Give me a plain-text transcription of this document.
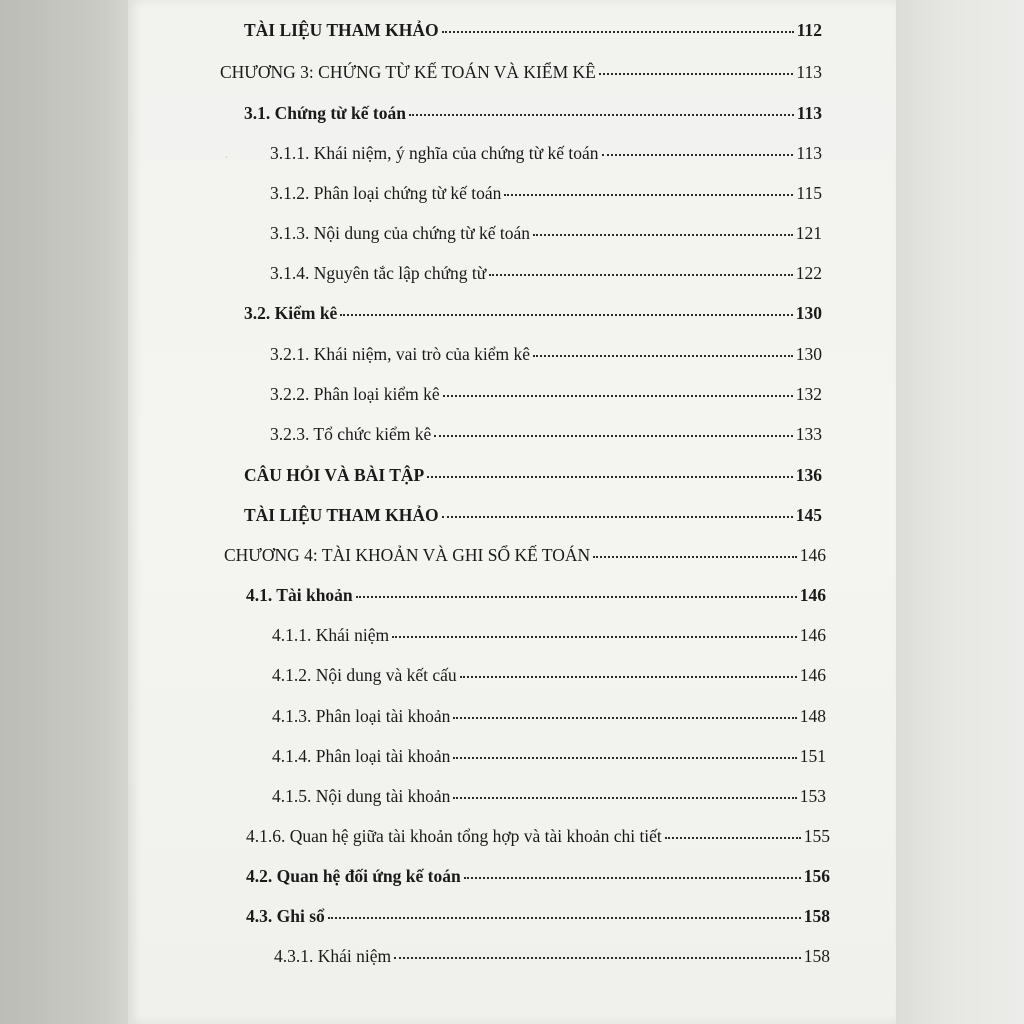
·
TÀI LIỆU THAM KHẢO	112
CHƯƠNG 3: CHỨNG TỪ KẾ TOÁN VÀ KIỂM KÊ	113
3.1. Chứng từ kế toán	113
3.1.1. Khái niệm, ý nghĩa của chứng từ kế toán	113
3.1.2. Phân loại chứng từ kế toán	115
3.1.3. Nội dung của chứng từ kế toán	121
3.1.4. Nguyên tắc lập chứng từ	122
3.2. Kiểm kê	130
3.2.1. Khái niệm, vai trò của kiểm kê	130
3.2.2. Phân loại kiểm kê	132
3.2.3. Tổ chức kiểm kê	133
CÂU HỎI VÀ BÀI TẬP	136
TÀI LIỆU THAM KHẢO	145
CHƯƠNG 4: TÀI KHOẢN VÀ GHI SỔ KẾ TOÁN	146
4.1. Tài khoản	146
4.1.1. Khái niệm	146
4.1.2. Nội dung và kết cấu	146
4.1.3. Phân loại tài khoản	148
4.1.4. Phân loại tài khoản	151
4.1.5. Nội dung tài khoản	153
4.1.6. Quan hệ giữa tài khoản tổng hợp và tài khoản chi tiết	155
4.2. Quan hệ đối ứng kế toán	156
4.3. Ghi sổ	158
4.3.1. Khái niệm	158
